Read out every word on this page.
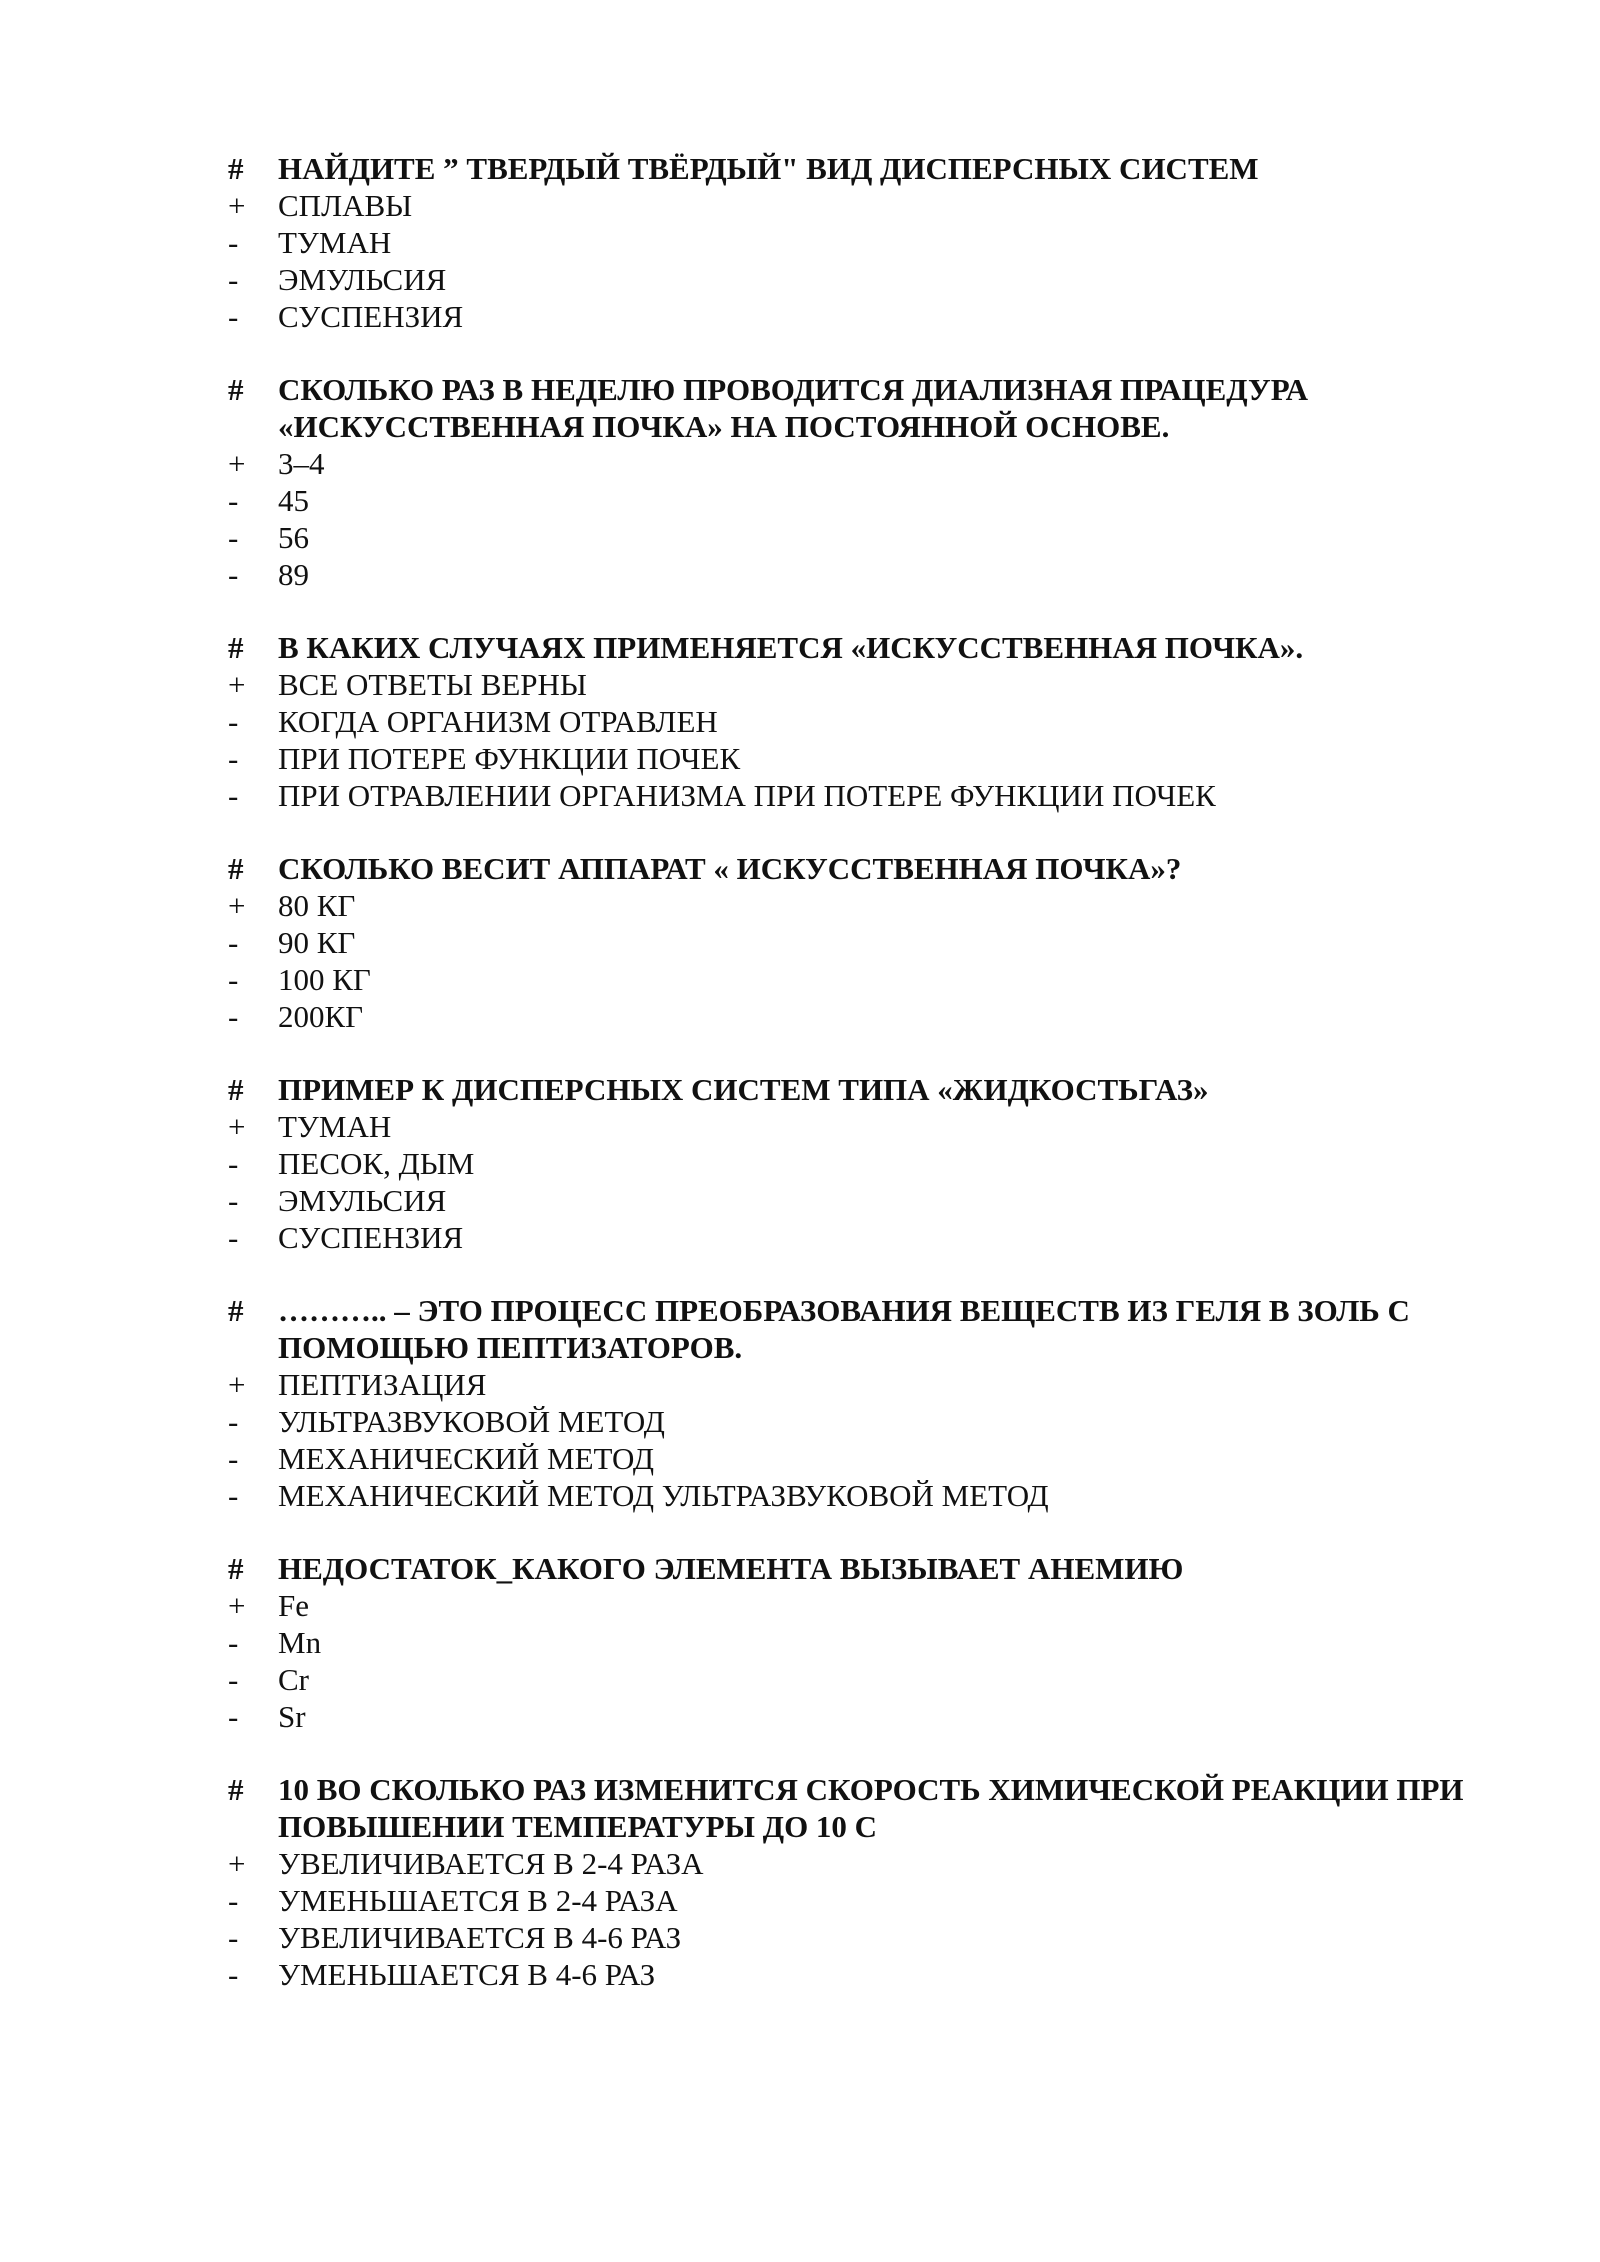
#	НАЙДИТЕ ” ТВЕРДЫЙ ТВЁРДЫЙ" ВИД ДИСПЕРСНЫХ СИСТЕМ
+	СПЛАВЫ
-	ТУМАН
-	ЭМУЛЬСИЯ
-	СУСПЕНЗИЯ
#	СКОЛЬКО РАЗ В НЕДЕЛЮ ПРОВОДИТСЯ ДИАЛИЗНАЯ ПРАЦЕДУРА «ИСКУССТВЕННАЯ ПОЧКА» НА ПОСТОЯННОЙ ОСНОВЕ.
+	3–4
-	45
-	56
-	89
#	В КАКИХ СЛУЧАЯХ ПРИМЕНЯЕТСЯ «ИСКУССТВЕННАЯ ПОЧКА».
+	ВСЕ ОТВЕТЫ ВЕРНЫ
-	КОГДА ОРГАНИЗМ ОТРАВЛЕН
-	ПРИ ПОТЕРЕ ФУНКЦИИ ПОЧЕК
-	ПРИ ОТРАВЛЕНИИ ОРГАНИЗМА ПРИ ПОТЕРЕ ФУНКЦИИ ПОЧЕК
#	СКОЛЬКО ВЕСИТ АППАРАТ « ИСКУССТВЕННАЯ ПОЧКА»?
+	80 КГ
-	90 КГ
-	100 КГ
-	200КГ
#	ПРИМЕР К ДИСПЕРСНЫХ СИСТЕМ ТИПА «ЖИДКОСТЬГАЗ»
+	ТУМАН
-	ПЕСОК, ДЫМ
-	ЭМУЛЬСИЯ
-	СУСПЕНЗИЯ
#	……….. – ЭТО ПРОЦЕСС ПРЕОБРАЗОВАНИЯ ВЕЩЕСТВ ИЗ ГЕЛЯ В ЗОЛЬ С ПОМОЩЬЮ ПЕПТИЗАТОРОВ.
+	ПЕПТИЗАЦИЯ
-	УЛЬТРАЗВУКОВОЙ МЕТОД
-	МЕХАНИЧЕСКИЙ МЕТОД
-	МЕХАНИЧЕСКИЙ МЕТОД УЛЬТРАЗВУКОВОЙ МЕТОД
#	НЕДОСТАТОК_КАКОГО ЭЛЕМЕНТА ВЫЗЫВАЕТ АНЕМИЮ
+	Fe
-	Mn
-	Cr
-	Sr
#	10 ВО СКОЛЬКО РАЗ ИЗМЕНИТСЯ СКОРОСТЬ ХИМИЧЕСКОЙ РЕАКЦИИ ПРИ ПОВЫШЕНИИ ТЕМПЕРАТУРЫ ДО 10 С
+	УВЕЛИЧИВАЕТСЯ В 2-4 РАЗА
-	УМЕНЬШАЕТСЯ В 2-4 РАЗА
-	УВЕЛИЧИВАЕТСЯ В 4-6 РАЗ
-	УМЕНЬШАЕТСЯ В 4-6 РАЗ
